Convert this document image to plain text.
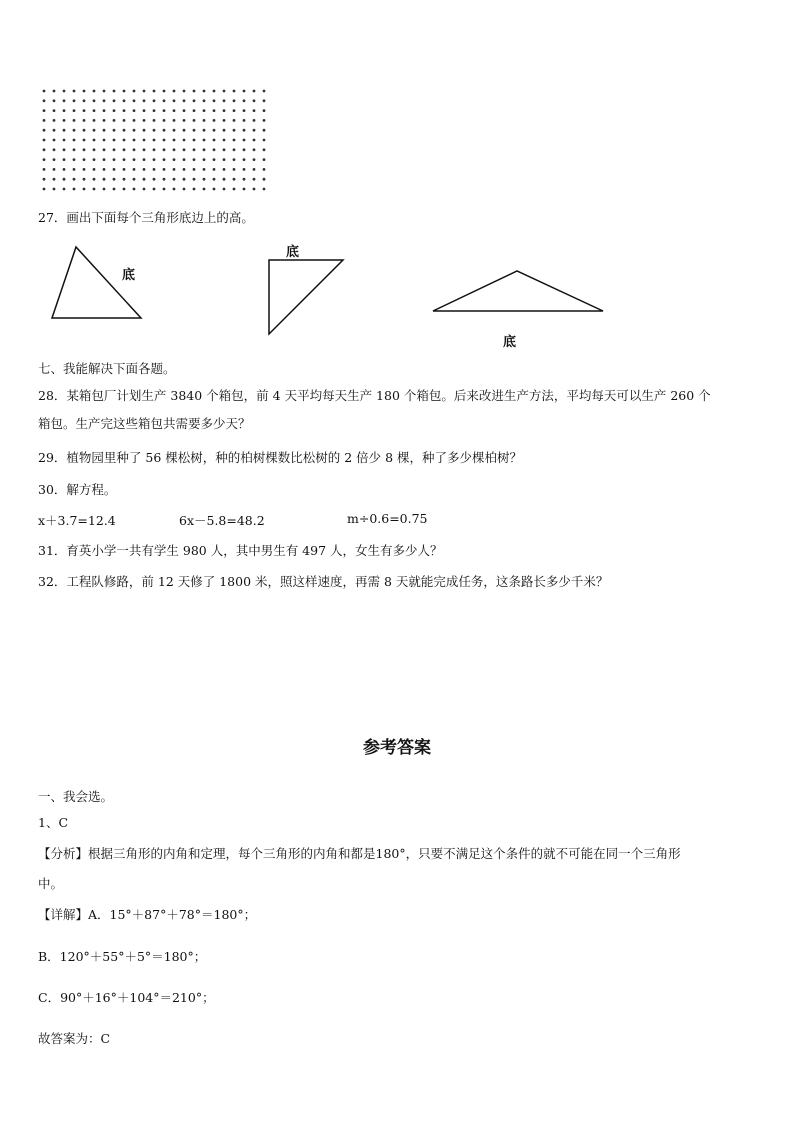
27．画出下面每个三角形底边上的高。
底
底
底
七、我能解决下面各题。
28．某箱包厂计划生产 3840 个箱包，前 4 天平均每天生产 180 个箱包。后来改进生产方法，平均每天可以生产 260 个
箱包。生产完这些箱包共需要多少天？
29．植物园里种了 56 棵松树，种的柏树棵数比松树的 2 倍少 8 棵，种了多少棵柏树？
30．解方程。
x＋3.7=12.4	6x－5.8=48.2	m÷0.6=0.75
31．育英小学一共有学生 980 人，其中男生有 497 人，女生有多少人？
32．工程队修路，前 12 天修了 1800 米，照这样速度，再需 8 天就能完成任务，这条路长多少千米？
参考答案
一、我会选。
1、C
【分析】根据三角形的内角和定理，每个三角形的内角和都是180°，只要不满足这个条件的就不可能在同一个三角形
中。
【详解】A．15°＋87°＋78°＝180°；
B．120°＋55°＋5°＝180°；
C．90°＋16°＋104°＝210°；
故答案为：C
